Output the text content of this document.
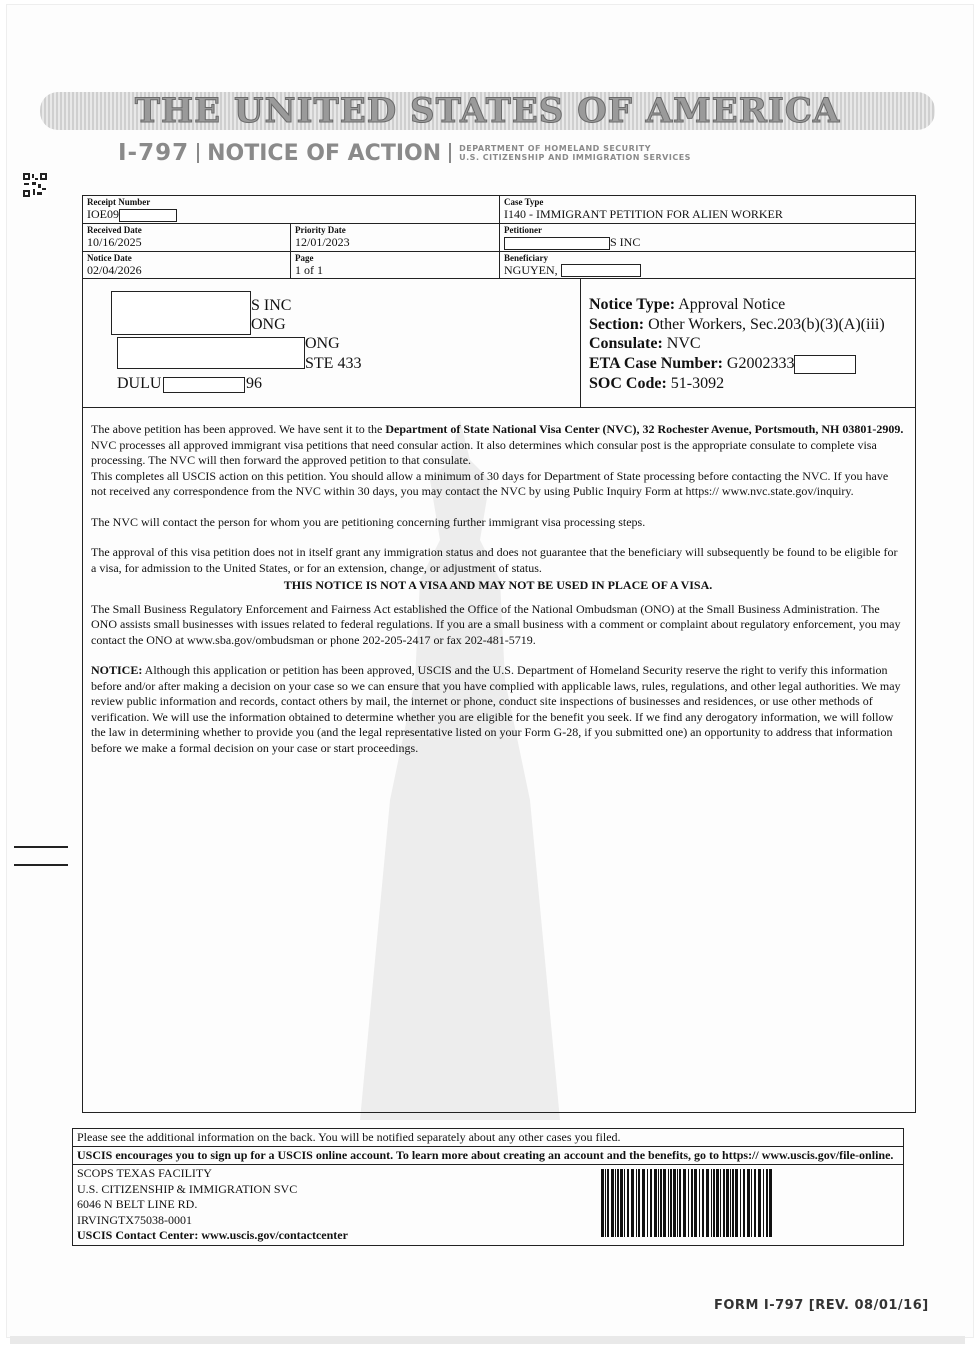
THE UNITED STATES OF AMERICA
I-797 NOTICE OF ACTION DEPARTMENT OF HOMELAND SECURITY
U.S. CITIZENSHIP AND IMMIGRATION SERVICES
Receipt Number
IOE09
Case Type
I140 - IMMIGRANT PETITION FOR ALIEN WORKER
Received Date
10/16/2025
Priority Date
12/01/2023
Petitioner
S INC
Notice Date
02/04/2026
Page
1 of 1
Beneficiary
NGUYEN,
S INC
ONG
ONG
STE 433
DULU	96
Notice Type: Approval Notice
Section: Other Workers, Sec.203(b)(3)(A)(iii)
Consulate: NVC
ETA Case Number: G2002333
SOC Code: 51-3092

The above petition has been approved. We have sent it to the Department of State National Visa Center (NVC), 32 Rochester Avenue, Portsmouth, NH 03801-2909. NVC processes all approved immigrant visa petitions that need consular action. It also determines which consular post is the appropriate consulate to complete visa processing. The NVC will then forward the approved petition to that consulate.

This completes all USCIS action on this petition. You should allow a minimum of 30 days for Department of State processing before contacting the NVC. If you have not received any correspondence from the NVC within 30 days, you may contact the NVC by using Public Inquiry Form at https:// www.nvc.state.gov/inquiry.

The NVC will contact the person for whom you are petitioning concerning further immigrant visa processing steps.

The approval of this visa petition does not in itself grant any immigration status and does not guarantee that the beneficiary will subsequently be found to be eligible for a visa, for admission to the United States, or for an extension, change, or adjustment of status.

THIS NOTICE IS NOT A VISA AND MAY NOT BE USED IN PLACE OF A VISA.

The Small Business Regulatory Enforcement and Fairness Act established the Office of the National Ombudsman (ONO) at the Small Business Administration. The ONO assists small businesses with issues related to federal regulations. If you are a small business with a comment or complaint about regulatory enforcement, you may contact the ONO at www.sba.gov/ombudsman or phone 202-205-2417 or fax 202-481-5719.

NOTICE: Although this application or petition has been approved, USCIS and the U.S. Department of Homeland Security reserve the right to verify this information before and/or after making a decision on your case so we can ensure that you have complied with applicable laws, rules, regulations, and other legal authorities. We may review public information and records, contact others by mail, the internet or phone, conduct site inspections of businesses and residences, or use other methods of verification. We will use the information obtained to determine whether you are eligible for the benefit you seek. If we find any derogatory information, we will follow the law in determining whether to provide you (and the legal representative listed on your Form G-28, if you submitted one) an opportunity to address that information before we make a formal decision on your case or start proceedings.

Please see the additional information on the back. You will be notified separately about any other cases you filed.
USCIS encourages you to sign up for a USCIS online account. To learn more about creating an account and the benefits, go to https:// www.uscis.gov/file-online.
SCOPS TEXAS FACILITY
U.S. CITIZENSHIP & IMMIGRATION SVC
6046 N BELT LINE RD.
IRVINGTX75038-0001
USCIS Contact Center: www.uscis.gov/contactcenter
FORM I-797 [REV. 08/01/16]
